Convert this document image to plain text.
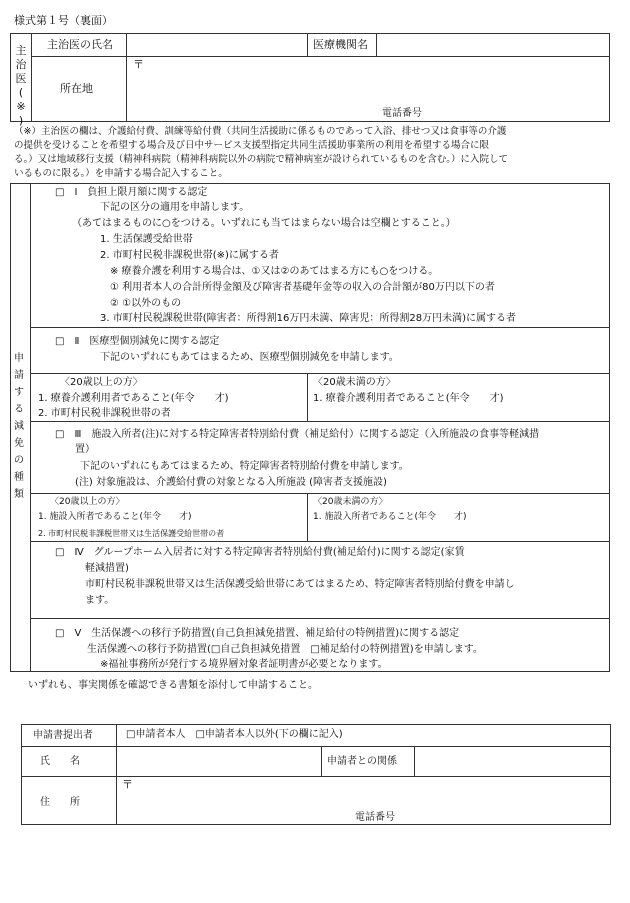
様式第１号（裏面）
主
治
医
(
※
)
主治医の氏名	医療機関名
所在地
〒
電話番号
（※）主治医の欄は、介護給付費、訓練等給付費（共同生活援助に係るものであって入浴、排せつ又は食事等の介護
の提供を受けることを希望する場合及び日中サービス支援型指定共同生活援助事業所の利用を希望する場合に限
る。）又は地域移行支援（精神科病院（精神科病院以外の病院で精神病室が設けられているものを含む。）に入院して
いるものに限る。）を申請する場合記入すること。
申
請
す
る
減
免
の
種
類
□　Ⅰ　負担上限月額に関する認定
下記の区分の適用を申請します。
（あてはまるものに○をつける。いずれにも当てはまらない場合は空欄とすること。）
1. 生活保護受給世帯
2. 市町村民税非課税世帯(※)に属する者
※ 療養介護を利用する場合は、①又は②のあてはまる方にも○をつける。
① 利用者本人の合計所得金額及び障害者基礎年金等の収入の合計額が80万円以下の者
② ①以外のもの
3. 市町村民税課税世帯(障害者：所得割16万円未満、障害児：所得割28万円未満)に属する者
□　Ⅱ　医療型個別減免に関する認定
下記のいずれにもあてはまるため、医療型個別減免を申請します。
〈20歳以上の方〉
1. 療養介護利用者であること(年令　　才)
2. 市町村民税非課税世帯の者
〈20歳未満の方〉
1. 療養介護利用者であること(年令　　才)
□　Ⅲ　施設入所者(注)に対する特定障害者特別給付費（補足給付）に関する認定（入所施設の食事等軽減措
置）
下記のいずれにもあてはまるため、特定障害者特別給付費を申請します。
(注) 対象施設は、介護給付費の対象となる入所施設 (障害者支援施設)
〈20歳以上の方〉
1. 施設入所者であること(年令　　才)
2. 市町村民税非課税世帯又は生活保護受給世帯の者
〈20歳未満の方〉
1. 施設入所者であること(年令　　才)
□　Ⅳ　グループホーム入居者に対する特定障害者特別給付費(補足給付)に関する認定(家賃
軽減措置)
市町村民税非課税世帯又は生活保護受給世帯にあてはまるため、特定障害者特別給付費を申請し
ます。
□　Ⅴ　生活保護への移行予防措置(自己負担減免措置、補足給付の特例措置)に関する認定
生活保護への移行予防措置(□自己負担減免措置　□補足給付の特例措置)を申請します。
※福祉事務所が発行する境界層対象者証明書が必要となります。
いずれも、事実関係を確認できる書類を添付して申請すること。
申請書提出者	□申請者本人　□申請者本人以外(下の欄に記入)
氏　　名	申請者との関係
住　　所
〒
電話番号
